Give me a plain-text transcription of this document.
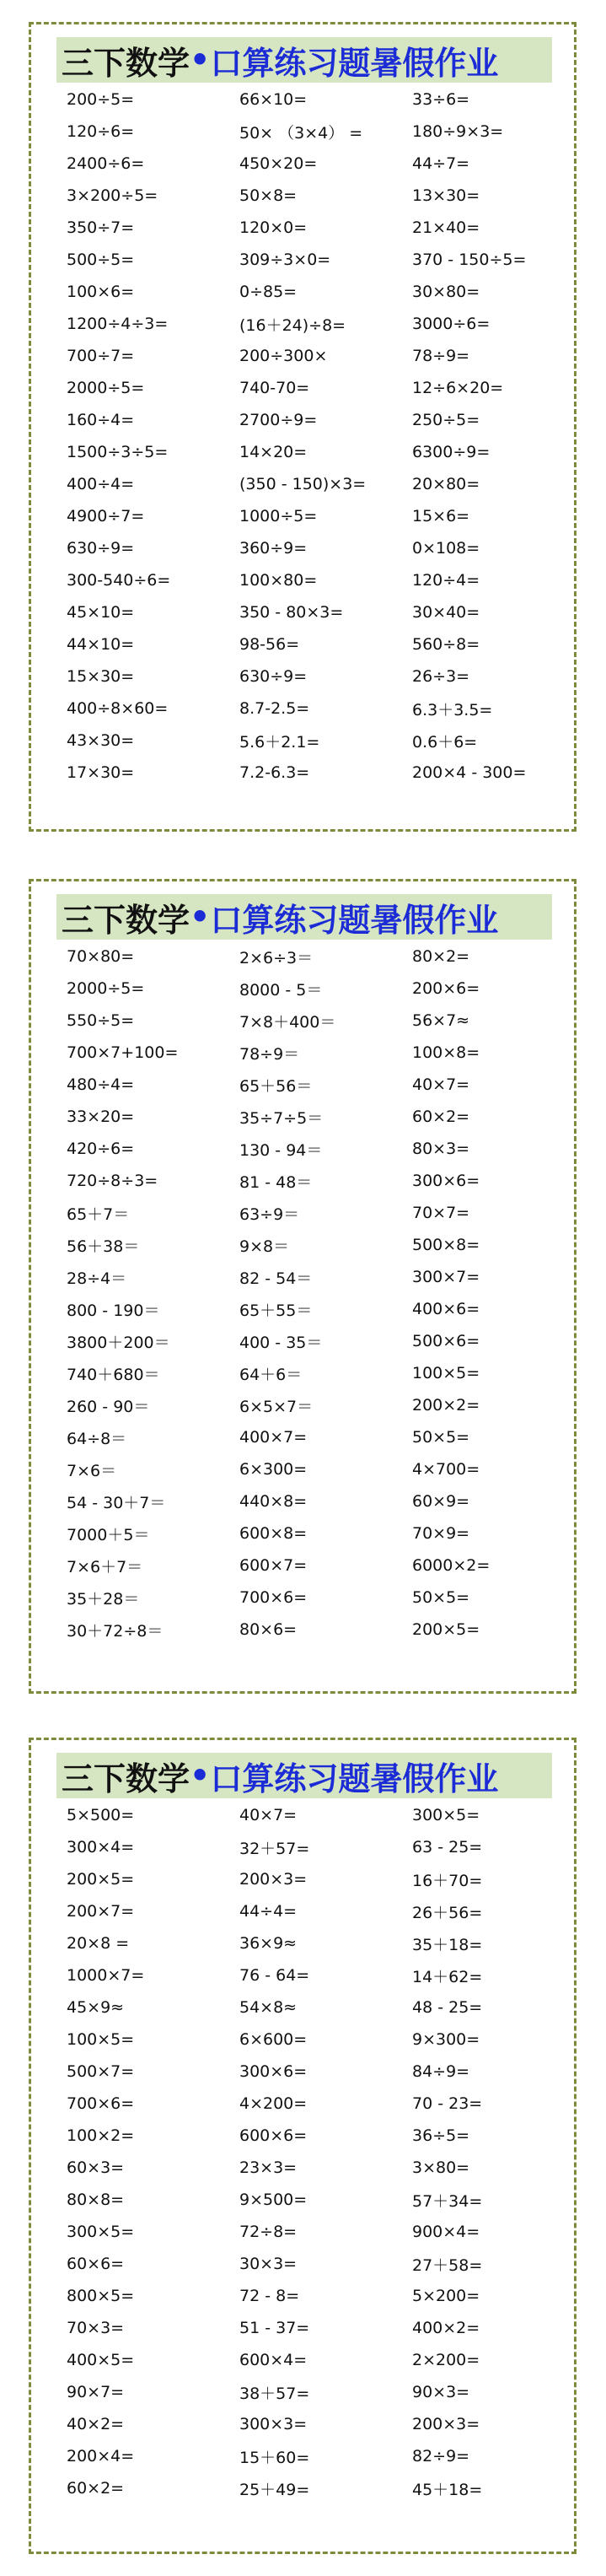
三下数学 • 口算练习题暑假作业
200÷5=	66×10=	33÷6=
120÷6=	50× （3×4） =	180÷9×3=
2400÷6=	450×20=	44÷7=
3×200÷5=	50×8=	13×30=
350÷7=	120×0=	21×40=
500÷5=	309÷3×0=	370 - 150÷5=
100×6=	0÷85=	30×80=
1200÷4÷3=	(16＋24)÷8=	3000÷6=
700÷7=	200÷300×	78÷9=
2000÷5=	740-70=	12÷6×20=
160÷4=	2700÷9=	250÷5=
1500÷3÷5=	14×20=	6300÷9=
400÷4=	(350 - 150)×3=	20×80=
4900÷7=	1000÷5=	15×6=
630÷9=	360÷9=	0×108=
300-540÷6=	100×80=	120÷4=
45×10=	350 - 80×3=	30×40=
44×10=	98-56=	560÷8=
15×30=	630÷9=	26÷3=
400÷8×60=	8.7-2.5=	6.3＋3.5=
43×30=	5.6＋2.1=	0.6＋6=
17×30=	7.2-6.3=	200×4 - 300=
三下数学 • 口算练习题暑假作业
70×80=	2×6÷3＝	80×2=
2000÷5=	8000 - 5＝	200×6=
550÷5=	7×8＋400＝	56×7≈
700×7+100=	78÷9＝	100×8=
480÷4=	65＋56＝	40×7=
33×20=	35÷7÷5＝	60×2=
420÷6=	130 - 94＝	80×3=
720÷8÷3=	81 - 48＝	300×6=
65＋7＝	63÷9＝	70×7=
56＋38＝	9×8＝	500×8=
28÷4＝	82 - 54＝	300×7=
800 - 190＝	65＋55＝	400×6=
3800＋200＝	400 - 35＝	500×6=
740＋680＝	64＋6＝	100×5=
260 - 90＝	6×5×7＝	200×2=
64÷8＝	400×7=	50×5=
7×6＝	6×300=	4×700=
54 - 30＋7＝	440×8=	60×9=
7000＋5＝	600×8=	70×9=
7×6＋7＝	600×7=	6000×2=
35＋28＝	700×6=	50×5=
30＋72÷8＝	80×6=	200×5=
三下数学 • 口算练习题暑假作业
5×500=	40×7=	300×5=
300×4=	32＋57=	63 - 25=
200×5=	200×3=	16＋70=
200×7=	44÷4=	26＋56=
20×8 =	36×9≈	35＋18=
1000×7=	76 - 64=	14＋62=
45×9≈	54×8≈	48 - 25=
100×5=	6×600=	9×300=
500×7=	300×6=	84÷9=
700×6=	4×200=	70 - 23=
100×2=	600×6=	36÷5=
60×3=	23×3=	3×80=
80×8=	9×500=	57＋34=
300×5=	72÷8=	900×4=
60×6=	30×3=	27＋58=
800×5=	72 - 8=	5×200=
70×3=	51 - 37=	400×2=
400×5=	600×4=	2×200=
90×7=	38＋57=	90×3=
40×2=	300×3=	200×3=
200×4=	15＋60=	82÷9=
60×2=	25＋49=	45＋18=
